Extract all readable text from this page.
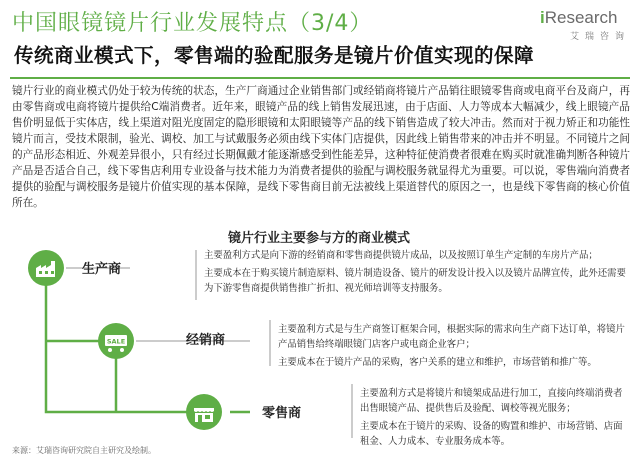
中国眼镜镜片行业发展特点（3/4）	iResearch
艾瑞咨询
传统商业模式下，零售端的验配服务是镜片价值实现的保障
镜片行业的商业模式仍处于较为传统的状态，生产厂商通过企业销售部门或经销商将镜片产品销往眼镜零售商或电商平台及商户，再由零售商或电商将镜片提供给C端消费者。近年来，眼镜产品的线上销售发展迅速，由于店面、人力等成本大幅减少，线上眼镜产品售价明显低于实体店，线上渠道对阻光度固定的隐形眼镜和太阳眼镜等产品的线下销售造成了较大冲击。然而对于视力矫正和功能性镜片而言，受技术限制，验光、调校、加工与试戴服务必须由线下实体门店提供，因此线上销售带来的冲击并不明显。不同镜片之间的产品形态相近、外观差异很小，只有经过长期佩戴才能逐渐感受到性能差异，这种特征使消费者很难在购买时就准确判断各种镜片产品是否适合自己，线下零售店利用专业设备与技术能力为消费者提供的验配与调校服务就显得尤为重要。可以说，零售端向消费者提供的验配与调校服务是镜片价值实现的基本保障，是线下零售商目前无法被线上渠道替代的原因之一，也是线下零售商的核心价值所在。
镜片行业主要参与方的商业模式
生产商
SALE	经销商
零售商

主要盈利方式是向下游的经销商和零售商提供镜片成品，以及按照订单生产定制的车房片产品；

主要成本在于购买镜片制造原料、镜片制造设备、镜片的研发设计投入以及镜片品牌宣传，此外还需要为下游零售商提供销售推广折扣、视光师培训等支持服务。

主要盈利方式是与生产商签订框架合同，根据实际的需求向生产商下达订单，将镜片产品销售给终端眼镜门店客户或电商企业客户；

主要成本在于镜片产品的采购，客户关系的建立和维护，市场营销和推广等。

主要盈利方式是将镜片和镜架成品进行加工，直接向终端消费者出售眼镜产品、提供售后及验配、调校等视光服务；

主要成本在于镜片的采购、设备的购置和维护、市场营销、店面租金、人力成本、专业服务成本等。

来源：艾瑞咨询研究院自主研究及绘制。
